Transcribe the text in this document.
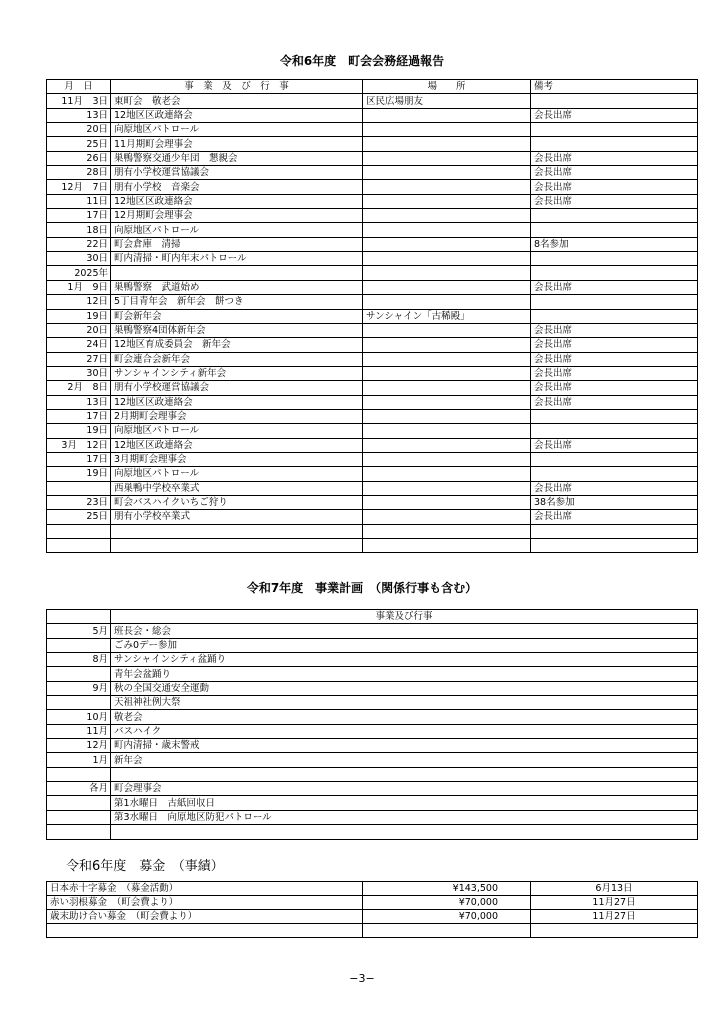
令和6年度　町会会務経過報告
月　日	事　業　及　び　行　事	場　　所	備考
11月　3日	東町会　敬老会	区民広場朋友	
13日	12地区区政連絡会		会長出席
20日	向原地区パトロール		
25日	11月期町会理事会		
26日	巣鴨警察交通少年団　懇親会		会長出席
28日	朋有小学校運営協議会		会長出席
12月　7日	朋有小学校　音楽会		会長出席
11日	12地区区政連絡会		会長出席
17日	12月期町会理事会		
18日	向原地区パトロール		
22日	町会倉庫　清掃		8名参加
30日	町内清掃・町内年末パトロール		
2025年			
1月　9日	巣鴨警察　武道始め		会長出席
12日	5丁目青年会　新年会　餅つき		
19日	町会新年会	サンシャイン「古稀殿」	
20日	巣鴨警察4団体新年会		会長出席
24日	12地区育成委員会　新年会		会長出席
27日	町会連合会新年会		会長出席
30日	サンシャインシティ新年会		会長出席
2月　8日	朋有小学校運営協議会		会長出席
13日	12地区区政連絡会		会長出席
17日	2月期町会理事会		
19日	向原地区パトロール		
3月　12日	12地区区政連絡会		会長出席
17日	3月期町会理事会		
19日	向原地区パトロール		
	西巣鴨中学校卒業式		会長出席
23日	町会バスハイクいちご狩り		38名参加
25日	朋有小学校卒業式		会長出席

令和7年度　事業計画　（関係行事も含む）
	事業及び行事
5月	班長会・総会
	ごみ0デー参加
8月	サンシャインシティ盆踊り
	青年会盆踊り
9月	秋の全国交通安全運動
	天祖神社例大祭
10月	敬老会
11月	バスハイク
12月	町内清掃・歳末警戒
1月	新年会

各月	町会理事会
	第1水曜日　古紙回収日
	第3水曜日　向原地区防犯パトロール

令和6年度　募金　（事績）
日本赤十字募金　（募金活動）	¥143,500	6月13日
赤い羽根募金　（町会費より）	¥70,000	11月27日
歳末助け合い募金　（町会費より）	¥70,000	11月27日

−3−
